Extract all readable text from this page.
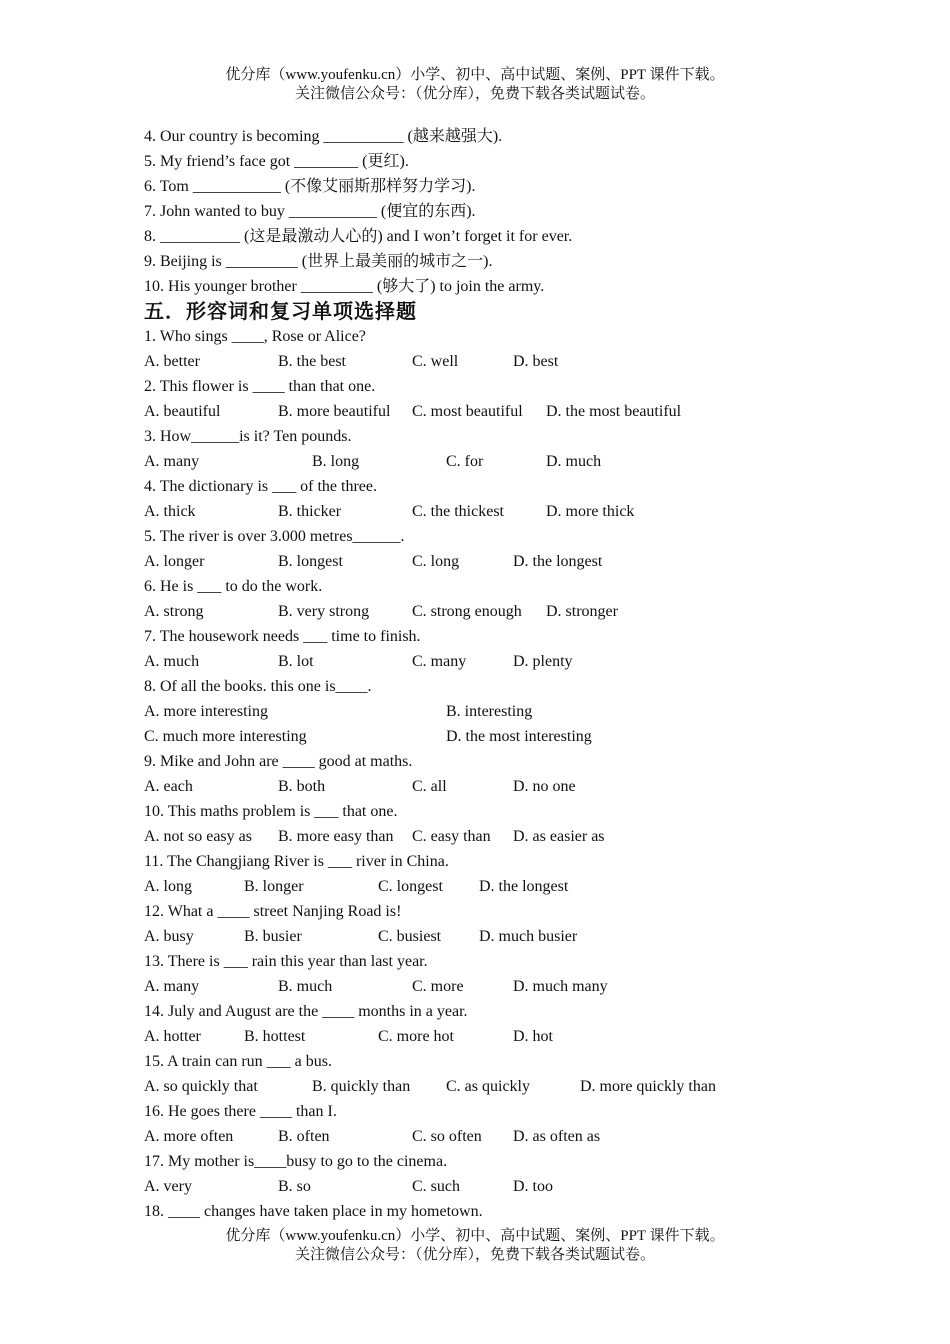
优分库（www.youfenku.cn）小学、初中、高中试题、案例、PPT 课件下载。
关注微信公众号：（优分库），免费下载各类试题试卷。
4. Our country is becoming __________ (越来越强大).
5. My friend’s face got ________ (更红).
6. Tom ___________ (不像艾丽斯那样努力学习).
7. John wanted to buy ___________ (便宜的东西).
8. __________ (这是最激动人心的) and I won’t forget it for ever.
9. Beijing is _________ (世界上最美丽的城市之一).
10. His younger brother _________ (够大了) to join the army.
五．形容词和复习单项选择题
1. Who sings ____, Rose or Alice?
A. better	B. the best	C. well	D. best
2. This flower is ____ than that one.
A. beautiful	B. more beautiful C. most beautiful D. the most beautiful
3. How______is it? Ten pounds.
A. many	B. long	C. for	D. much
4. The dictionary is ___ of the three.
A. thick	B. thicker	C. the thickest	D. more thick
5. The river is over 3.000 metres______.
A. longer	B. longest	C. long	D. the longest
6. He is ___ to do the work.
A. strong	B. very strong	C. strong enough D. stronger
7. The housework needs ___ time to finish.
A. much	B. lot	C. many	D. plenty
8. Of all the books. this one is____.
A. more interesting	B. interesting
C. much more interesting	D. the most interesting
9. Mike and John are ____ good at maths.
A. each	B. both	C. all	D. no one
10. This maths problem is ___ that one.
A. not so easy as B. more easy than C. easy than D. as easier as
11. The Changjiang River is ___ river in China.
A. long	B. longer	C. longest D. the longest
12. What a ____ street Nanjing Road is!
A. busy	B. busier	C. busiest D. much busier
13. There is ___ rain this year than last year.
A. many	B. much	C. more	D. much many
14. July and August are the ____ months in a year.
A. hotter	B. hottest	C. more hot	D. hot
15. A train can run ___ a bus.
A. so quickly that	B. quickly than C. as quickly	D. more quickly than
16. He goes there ____ than I.
A. more often	B. often	C. so often D. as often as
17. My mother is____busy to go to the cinema.
A. very	B. so	C. such	D. too
18. ____ changes have taken place in my hometown.
优分库（www.youfenku.cn）小学、初中、高中试题、案例、PPT 课件下载。
关注微信公众号：（优分库），免费下载各类试题试卷。
